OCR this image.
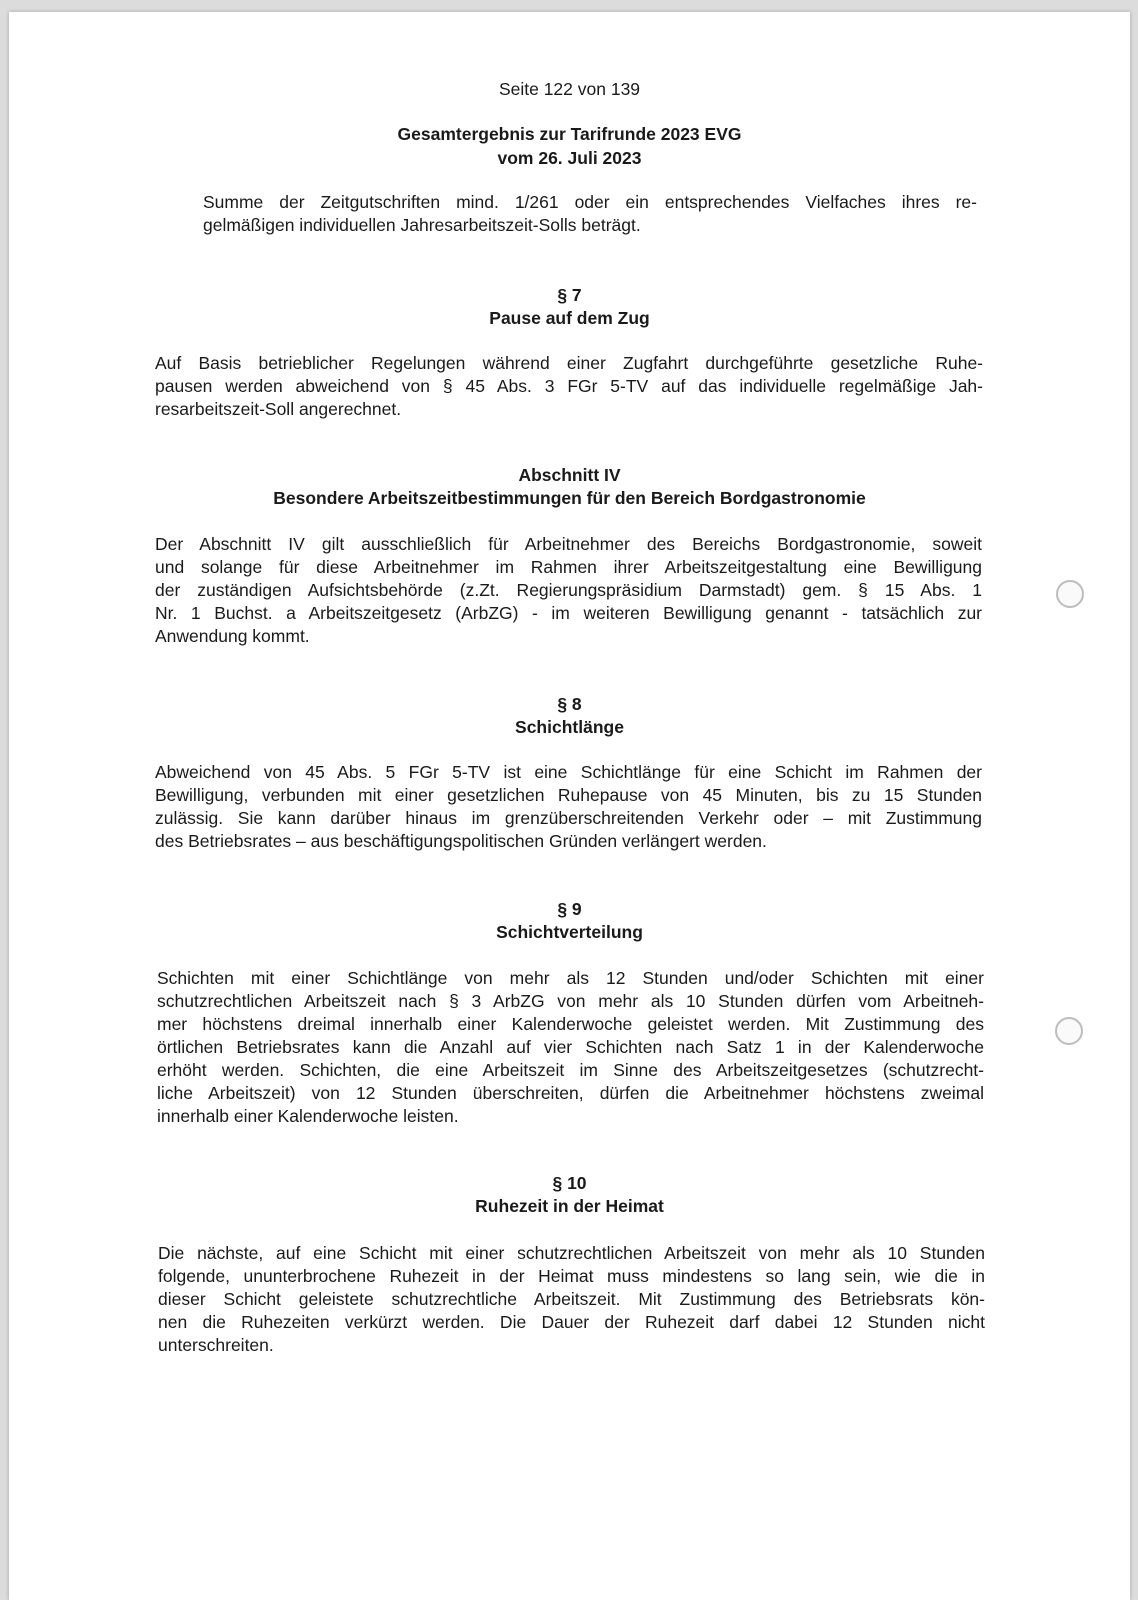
Seite 122 von 139
Gesamtergebnis zur Tarifrunde 2023 EVG
vom 26. Juli 2023
Summe der Zeitgutschriften mind. 1/261 oder ein entsprechendes Vielfaches ihres re-
gelmäßigen individuellen Jahresarbeitszeit-Solls beträgt.
§ 7
Pause auf dem Zug
Auf Basis betrieblicher Regelungen während einer Zugfahrt durchgeführte gesetzliche Ruhe-
pausen werden abweichend von § 45 Abs. 3 FGr 5-TV auf das individuelle regelmäßige Jah-
resarbeitszeit-Soll angerechnet.
Abschnitt IV
Besondere Arbeitszeitbestimmungen für den Bereich Bordgastronomie
Der Abschnitt IV gilt ausschließlich für Arbeitnehmer des Bereichs Bordgastronomie, soweit
und solange für diese Arbeitnehmer im Rahmen ihrer Arbeitszeitgestaltung eine Bewilligung
der zuständigen Aufsichtsbehörde (z.Zt. Regierungspräsidium Darmstadt) gem. § 15 Abs. 1
Nr. 1 Buchst. a Arbeitszeitgesetz (ArbZG) - im weiteren Bewilligung genannt - tatsächlich zur
Anwendung kommt.
§ 8
Schichtlänge
Abweichend von 45 Abs. 5 FGr 5-TV ist eine Schichtlänge für eine Schicht im Rahmen der
Bewilligung, verbunden mit einer gesetzlichen Ruhepause von 45 Minuten, bis zu 15 Stunden
zulässig. Sie kann darüber hinaus im grenzüberschreitenden Verkehr oder – mit Zustimmung
des Betriebsrates – aus beschäftigungspolitischen Gründen verlängert werden.
§ 9
Schichtverteilung
Schichten mit einer Schichtlänge von mehr als 12 Stunden und/oder Schichten mit einer
schutzrechtlichen Arbeitszeit nach § 3 ArbZG von mehr als 10 Stunden dürfen vom Arbeitneh-
mer höchstens dreimal innerhalb einer Kalenderwoche geleistet werden. Mit Zustimmung des
örtlichen Betriebsrates kann die Anzahl auf vier Schichten nach Satz 1 in der Kalenderwoche
erhöht werden. Schichten, die eine Arbeitszeit im Sinne des Arbeitszeitgesetzes (schutzrecht-
liche Arbeitszeit) von 12 Stunden überschreiten, dürfen die Arbeitnehmer höchstens zweimal
innerhalb einer Kalenderwoche leisten.
§ 10
Ruhezeit in der Heimat
Die nächste, auf eine Schicht mit einer schutzrechtlichen Arbeitszeit von mehr als 10 Stunden
folgende, ununterbrochene Ruhezeit in der Heimat muss mindestens so lang sein, wie die in
dieser Schicht geleistete schutzrechtliche Arbeitszeit. Mit Zustimmung des Betriebsrats kön-
nen die Ruhezeiten verkürzt werden. Die Dauer der Ruhezeit darf dabei 12 Stunden nicht
unterschreiten.
